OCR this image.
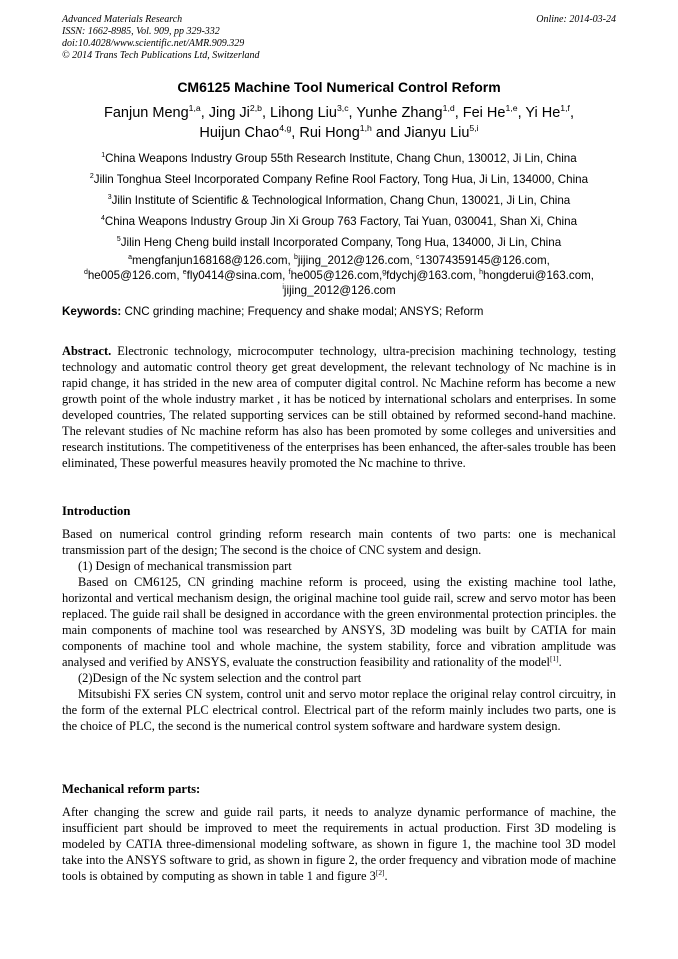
Advanced Materials Research
ISSN: 1662-8985, Vol. 909, pp 329-332
doi:10.4028/www.scientific.net/AMR.909.329
© 2014 Trans Tech Publications Ltd, Switzerland
Online: 2014-03-24
CM6125 Machine Tool Numerical Control Reform
Fanjun Meng$^{1,a}$, Jing Ji$^{2,b}$, Lihong Liu$^{3,c}$, Yunhe Zhang$^{1,d}$, Fei He$^{1,e}$, Yi He$^{1,f}$,
Huijun Chao$^{4,g}$, Rui Hong$^{1,h}$ and Jianyu Liu$^{5,i}$
$^1$China Weapons Industry Group 55th Research Institute, Chang Chun, 130012, Ji Lin, China
$^2$Jilin Tonghua Steel Incorporated Company Refine Rool Factory, Tong Hua, Ji Lin, 134000, China
$^3$Jilin Institute of Scientific & Technological Information, Chang Chun, 130021, Ji Lin, China
$^4$China Weapons Industry Group Jin Xi Group 763 Factory, Tai Yuan, 030041, Shan Xi, China
$^5$Jilin Heng Cheng build install Incorporated Company, Tong Hua, 134000, Ji Lin, China
$^a$mengfanjun168168@126.com, $^b$jijing_2012@126.com, $^c$13074359145@126.com,
$^d$he005@126.com, $^e$fly0414@sina.com, $^f$he005@126.com,$^g$fdychj@163.com, $^h$hongderui@163.com,
$^i$jijing_2012@126.com
Keywords: CNC grinding machine; Frequency and shake modal; ANSYS; Reform

Abstract. Electronic technology, microcomputer technology, ultra-precision machining technology, testing technology and automatic control theory get great development, the relevant technology of Nc machine is in rapid change, it has strided in the new area of computer digital control. Nc Machine reform has become a new growth point of the whole industry market , it has be noticed by international scholars and enterprises. In some developed countries, The related supporting services can be still obtained by reformed second-hand machine. The relevant studies of Nc machine reform has also has been promoted by some colleges and universities and research institutions. The competitiveness of the enterprises has been enhanced, the after-sales trouble has been eliminated, These powerful measures heavily promoted the Nc machine to thrive.

Introduction

Based on numerical control grinding reform research main contents of two parts: one is mechanical transmission part of the design; The second is the choice of CNC system and design.

(1) Design of mechanical transmission part

Based on CM6125, CN grinding machine reform is proceed, using the existing machine tool lathe, horizontal and vertical mechanism design, the original machine tool guide rail, screw and servo motor has been replaced. The guide rail shall be designed in accordance with the green environmental protection principles. the main components of machine tool was researched by ANSYS, 3D modeling was built by CATIA for main components of machine tool and whole machine, the system stability, force and vibration amplitude was analysed and verified by ANSYS, evaluate the construction feasibility and rationality of the model[1].

(2)Design of the Nc system selection and the control part

Mitsubishi FX series CN system, control unit and servo motor replace the original relay control circuitry, in the form of the external PLC electrical control. Electrical part of the reform mainly includes two parts, one is the choice of PLC, the second is the numerical control system software and hardware system design.

Mechanical reform parts:

After changing the screw and guide rail parts, it needs to analyze dynamic performance of machine, the insufficient part should be improved to meet the requirements in actual production. First 3D modeling is modeled by CATIA three-dimensional modeling software, as shown in figure 1, the machine tool 3D model take into the ANSYS software to grid, as shown in figure 2, the order frequency and vibration mode of machine tools is obtained by computing as shown in table 1 and figure 3[2].
